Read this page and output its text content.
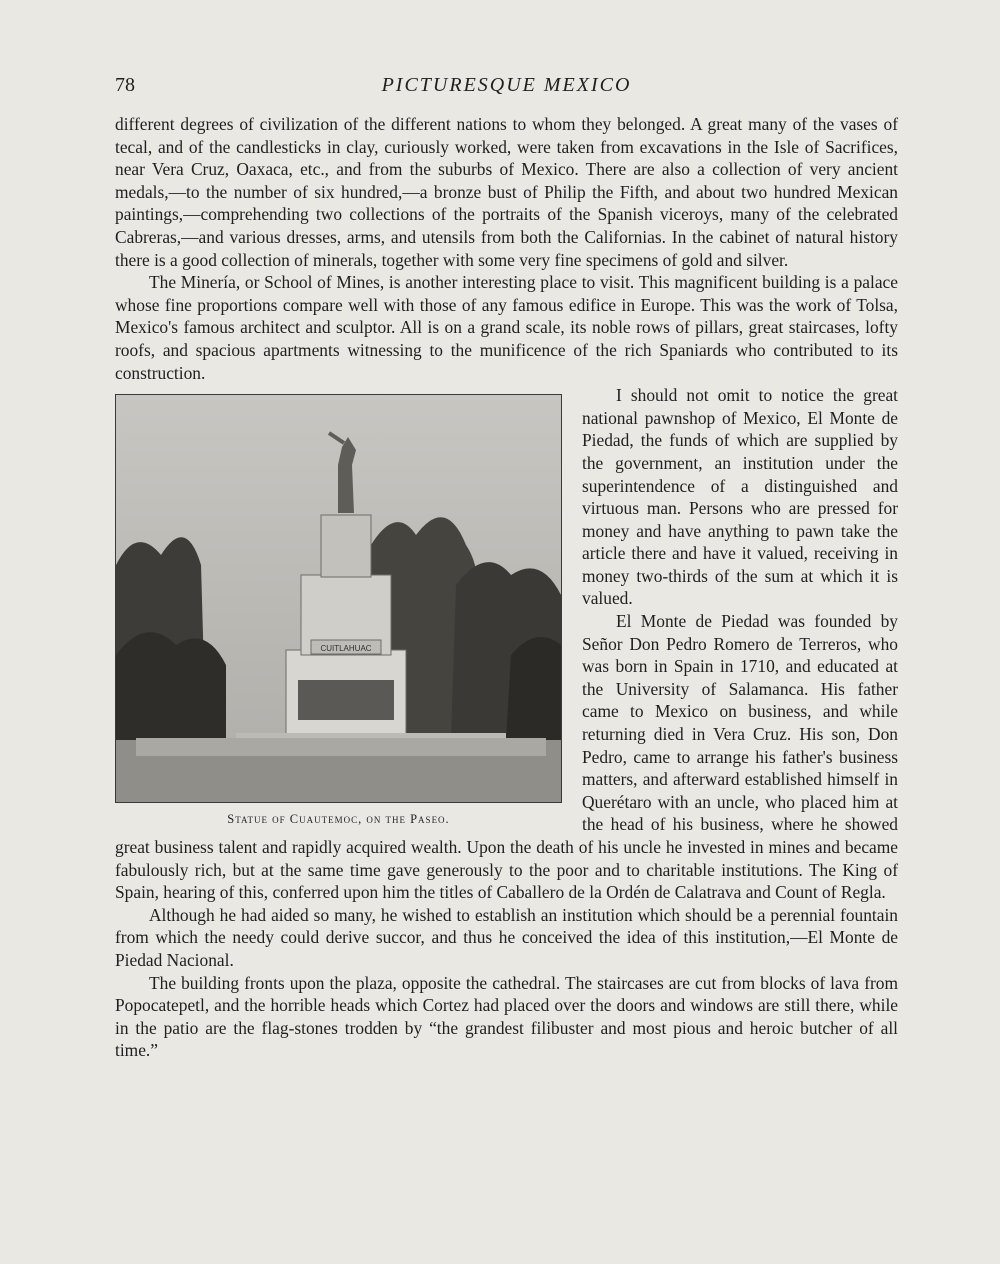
78	PICTURESQUE MEXICO

different degrees of civilization of the different nations to whom they belonged. A great many of the vases of tecal, and of the candlesticks in clay, curiously worked, were taken from excavations in the Isle of Sacrifices, near Vera Cruz, Oaxaca, etc., and from the suburbs of Mexico. There are also a collection of very ancient medals,—to the number of six hundred,—a bronze bust of Philip the Fifth, and about two hundred Mexican paintings,—comprehending two collections of the portraits of the Spanish viceroys, many of the celebrated Cabreras,—and various dresses, arms, and utensils from both the Californias. In the cabinet of natural history there is a good collection of minerals, together with some very fine specimens of gold and silver.

The Minería, or School of Mines, is another interesting place to visit. This magnificent building is a palace whose fine proportions compare well with those of any famous edifice in Europe. This was the work of Tolsa, Mexico's famous architect and sculptor. All is on a grand scale, its noble rows of pillars, great staircases, lofty roofs, and spacious apartments witnessing to the munificence of the rich Spaniards who contributed to its construction.

CUITLAHUAC
Statue of Cuautemoc, on the Paseo.

I should not omit to notice the great national pawnshop of Mexico, El Monte de Piedad, the funds of which are supplied by the government, an institution under the superintendence of a distinguished and virtuous man. Persons who are pressed for money and have anything to pawn take the article there and have it valued, receiving in money two-thirds of the sum at which it is valued.

El Monte de Piedad was founded by Señor Don Pedro Romero de Terreros, who was born in Spain in 1710, and educated at the University of Salamanca. His father came to Mexico on business, and while returning died in Vera Cruz. His son, Don Pedro, came to arrange his father's business matters, and afterward established himself in Querétaro with an uncle, who placed him at the head of his business, where he showed great business talent and rapidly acquired wealth. Upon the death of his uncle he invested in mines and became fabulously rich, but at the same time gave generously to the poor and to charitable institutions. The King of Spain, hearing of this, conferred upon him the titles of Caballero de la Ordén de Calatrava and Count of Regla.

Although he had aided so many, he wished to establish an institution which should be a perennial fountain from which the needy could derive succor, and thus he conceived the idea of this institution,—El Monte de Piedad Nacional.

The building fronts upon the plaza, opposite the cathedral. The staircases are cut from blocks of lava from Popocatepetl, and the horrible heads which Cortez had placed over the doors and windows are still there, while in the patio are the flag-stones trodden by “the grandest filibuster and most pious and heroic butcher of all time.”
